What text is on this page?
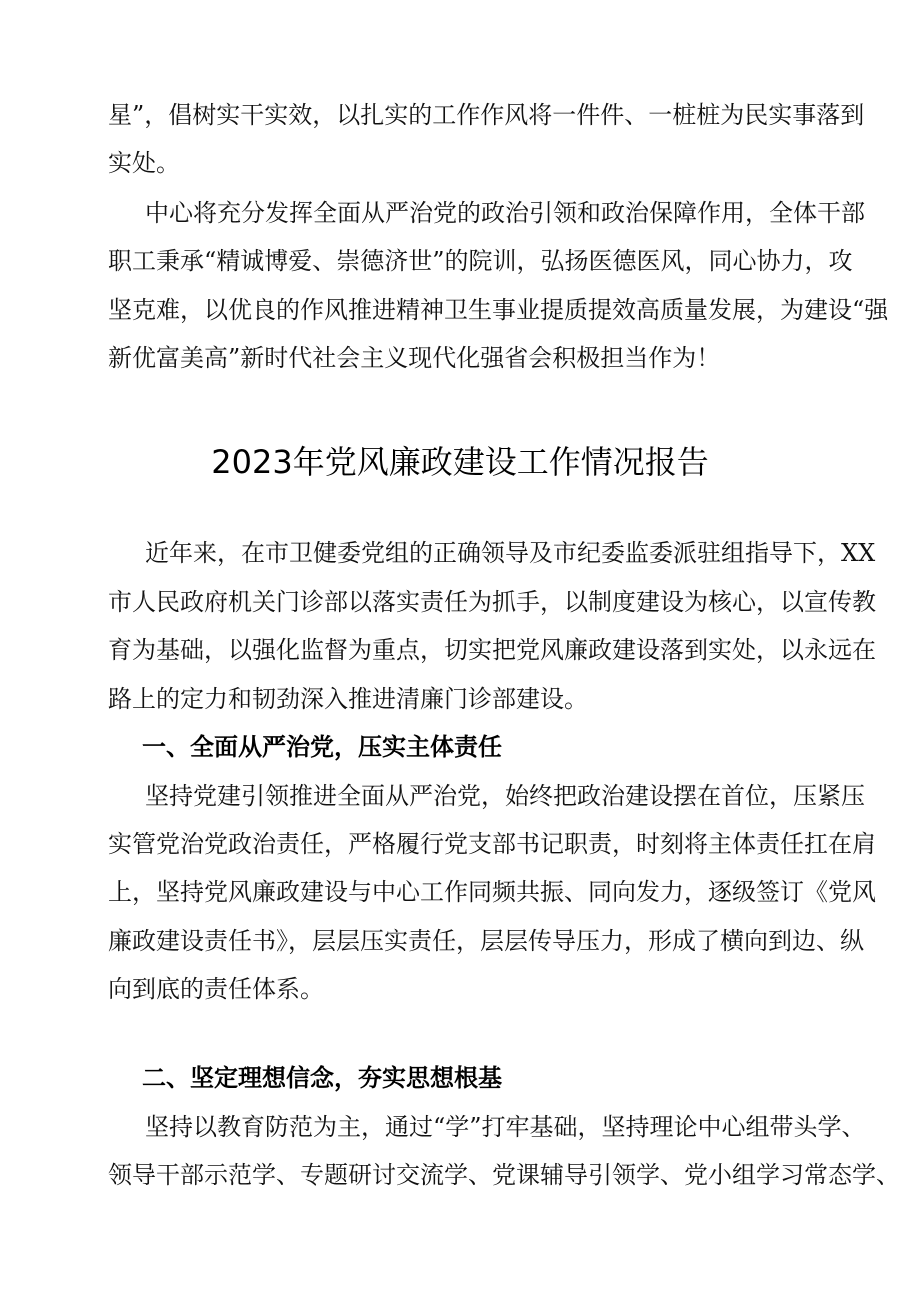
星”，倡树实干实效，以扎实的工作作风将一件件、一桩桩为民实事落到
实处。
中心将充分发挥全面从严治党的政治引领和政治保障作用，全体干部
职工秉承“精诚博爱、崇德济世”的院训，弘扬医德医风，同心协力，攻
坚克难，以优良的作风推进精神卫生事业提质提效高质量发展，为建设“强
新优富美高”新时代社会主义现代化强省会积极担当作为！
2023年党风廉政建设工作情况报告
近年来，在市卫健委党组的正确领导及市纪委监委派驻组指导下，XX
市人民政府机关门诊部以落实责任为抓手，以制度建设为核心，以宣传教
育为基础，以强化监督为重点，切实把党风廉政建设落到实处，以永远在
路上的定力和韧劲深入推进清廉门诊部建设。
一、全面从严治党，压实主体责任
坚持党建引领推进全面从严治党，始终把政治建设摆在首位，压紧压
实管党治党政治责任，严格履行党支部书记职责，时刻将主体责任扛在肩
上，坚持党风廉政建设与中心工作同频共振、同向发力，逐级签订《党风
廉政建设责任书》，层层压实责任，层层传导压力，形成了横向到边、纵
向到底的责任体系。
二、坚定理想信念，夯实思想根基
坚持以教育防范为主，通过“学”打牢基础，坚持理论中心组带头学、
领导干部示范学、专题研讨交流学、党课辅导引领学、党小组学习常态学、
